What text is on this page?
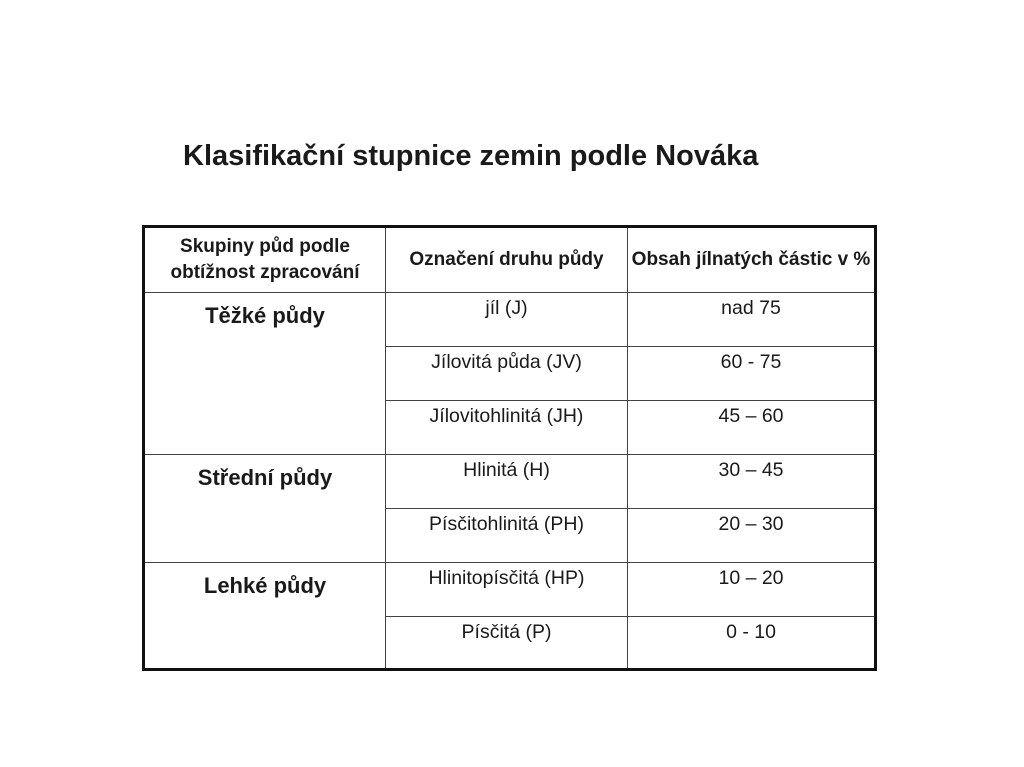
Klasifikační stupnice zemin podle Nováka
Skupiny půd podle obtížnost zpracování	Označení druhu půdy	Obsah jílnatých částic v %
Těžké půdy	jíl (J)	nad 75
	Jílovitá půda (JV)	60 - 75
	Jílovitohlinitá (JH)	45 – 60
Střední půdy	Hlinitá (H)	30 – 45
	Písčitohlinitá (PH)	20 – 30
Lehké půdy	Hlinitopísčitá (HP)	10 – 20
	Písčitá (P)	0 - 10
